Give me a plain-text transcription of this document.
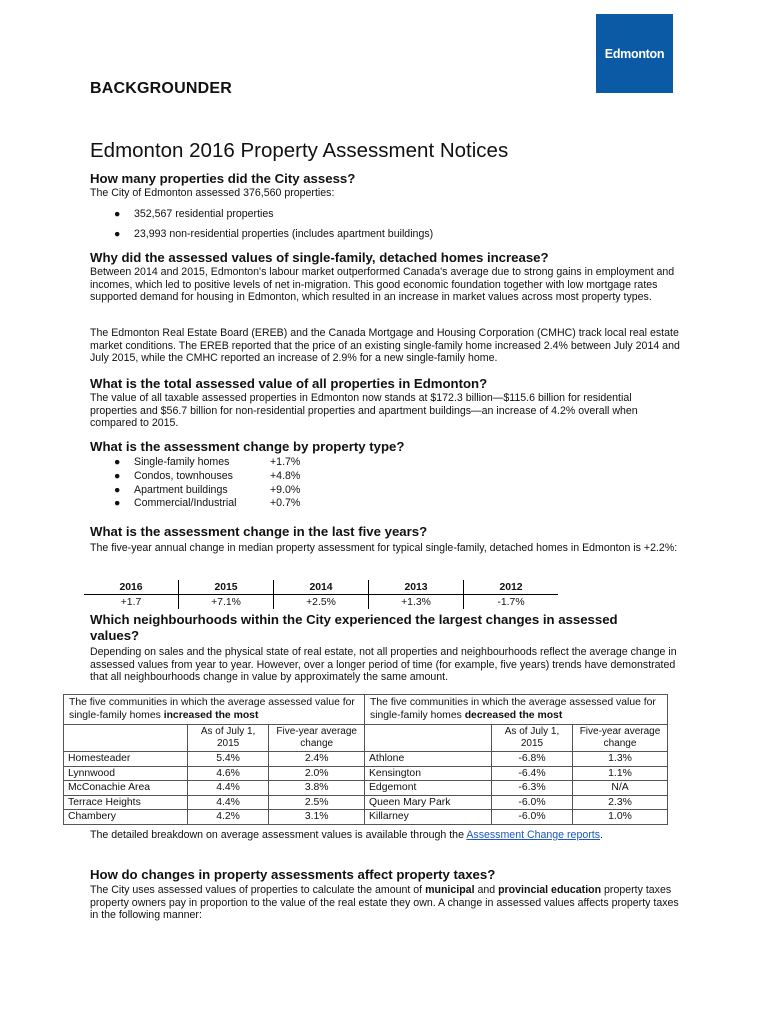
Edmonton
BACKGROUNDER
Edmonton 2016 Property Assessment Notices
How many properties did the City assess?

The City of Edmonton assessed 376,560 properties:

● 352,567 residential properties
● 23,993 non-residential properties (includes apartment buildings)
Why did the assessed values of single-family, detached homes increase?

Between 2014 and 2015, Edmonton's labour market outperformed Canada's average due to strong gains in employment and incomes, which led to positive levels of net in-migration. This good economic foundation together with low mortgage rates supported demand for housing in Edmonton, which resulted in an increase in market values across most property types.

The Edmonton Real Estate Board (EREB) and the Canada Mortgage and Housing Corporation (CMHC) track local real estate market conditions. The EREB reported that the price of an existing single-family home increased 2.4% between July 2014 and July 2015, while the CMHC reported an increase of 2.9% for a new single-family home.

What is the total assessed value of all properties in Edmonton?

The value of all taxable assessed properties in Edmonton now stands at $172.3 billion—$115.6 billion for residential properties and $56.7 billion for non-residential properties and apartment buildings—an increase of 4.2% overall when compared to 2015.

What is the assessment change by property type?
●	Single-family homes	+1.7%
●	Condos, townhouses	+4.8%
●	Apartment buildings	+9.0%
●	Commercial/Industrial	+0.7%
What is the assessment change in the last five years?

The five-year annual change in median property assessment for typical single-family, detached homes in Edmonton is +2.2%:

2016	2015	2014	2013	2012
+1.7	+7.1%	+2.5%	+1.3%	-1.7%
Which neighbourhoods within the City experienced the largest changes in assessed
values?

Depending on sales and the physical state of real estate, not all properties and neighbourhoods reflect the average change in assessed values from year to year. However, over a longer period of time (for example, five years) trends have demonstrated that all neighbourhoods change in value by approximately the same amount.

The five communities in which the average assessed value for single-family homes increased the most			The five communities in which the average assessed value for single-family homes decreased the most		
	As of July 1, 2015	Five-year average change		As of July 1, 2015	Five-year average change
Homesteader	5.4%	2.4%	Athlone	-6.8%	1.3%
Lynnwood	4.6%	2.0%	Kensington	-6.4%	1.1%
McConachie Area	4.4%	3.8%	Edgemont	-6.3%	N/A
Terrace Heights	4.4%	2.5%	Queen Mary Park	-6.0%	2.3%
Chambery	4.2%	3.1%	Killarney	-6.0%	1.0%

The detailed breakdown on average assessment values is available through the Assessment Change reports.

How do changes in property assessments affect property taxes?

The City uses assessed values of properties to calculate the amount of municipal and provincial education property taxes property owners pay in proportion to the value of the real estate they own. A change in assessed values affects property taxes in the following manner:
